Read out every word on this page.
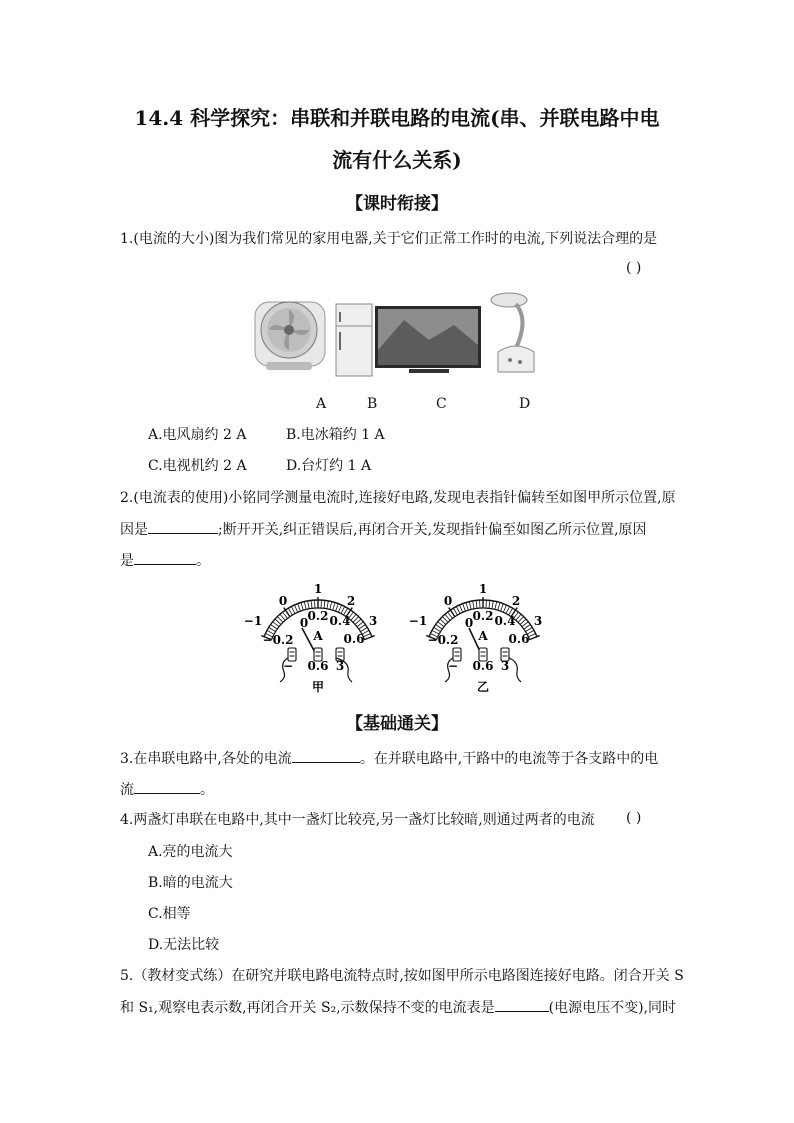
14.4 科学探究：串联和并联电路的电流(串、并联电路中电
流有什么关系)
【课时衔接】
1.(电流的大小)图为我们常见的家用电器,关于它们正常工作时的电流,下列说法合理的是
( )
A	B	C	D
A.电风扇约 2 A	B.电冰箱约 1 A
C.电视机约 2 A	D.台灯约 1 A
2.(电流表的使用)小铭同学测量电流时,连接好电路,发现电表指针偏转至如图甲所示位置,原
因是	;断开开关,纠正错误后,再闭合开关,发现指针偏至如图乙所示位置,原因
是	。
−1
0
1
2
3
0 0.2 0.4
0.6
−0.2 A
− 0.6 3
甲
−1
0
1
2
3
0 0.2 0.4
0.6
−0.2 A
− 0.6 3
乙
【基础通关】
3.在串联电路中,各处的电流	。在并联电路中,干路中的电流等于各支路中的电
流	。
4.两盏灯串联在电路中,其中一盏灯比较亮,另一盏灯比较暗,则通过两者的电流 ( )
A.亮的电流大
B.暗的电流大
C.相等
D.无法比较
5.（教材变式练）在研究并联电路电流特点时,按如图甲所示电路图连接好电路。闭合开关 S
和 S₁,观察电表示数,再闭合开关 S₂,示数保持不变的电流表是	(电源电压不变),同时
